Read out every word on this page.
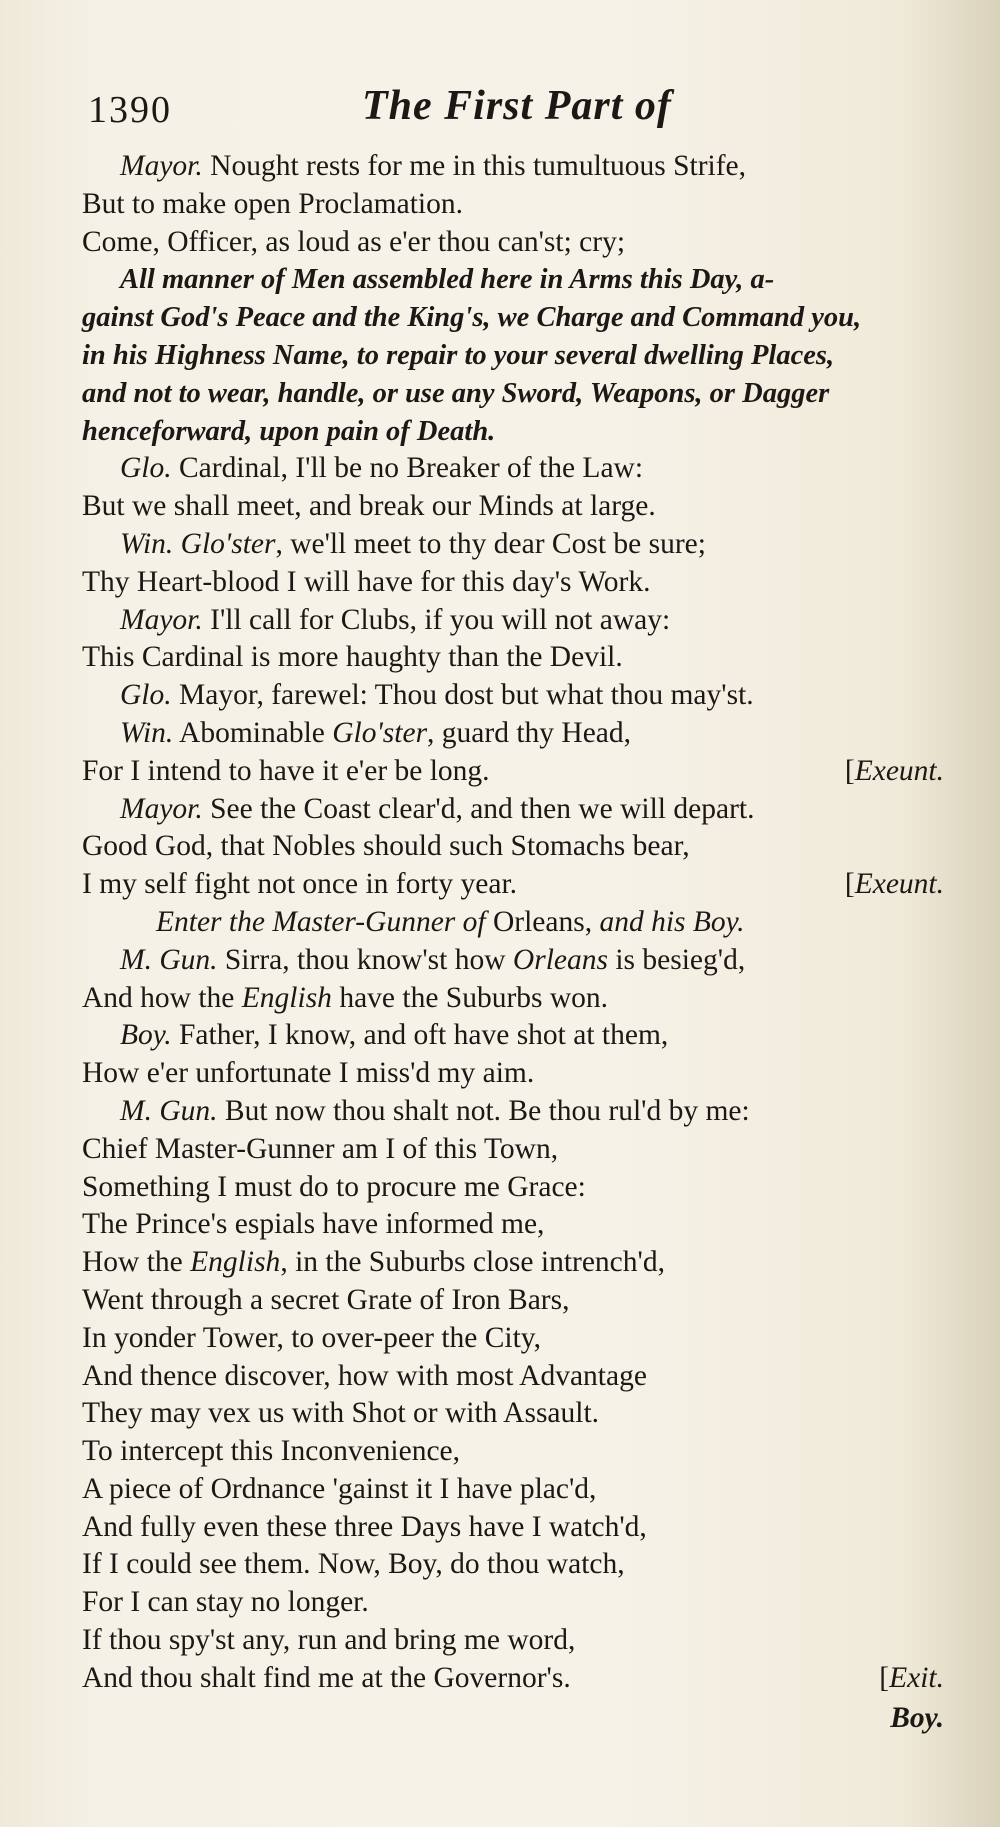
1390	The First Part of
Mayor. Nought rests for me in this tumultuous Strife,
But to make open Proclamation.
Come, Officer, as loud as e'er thou can'st; cry;
All manner of Men assembled here in Arms this Day, a-
gainst God's Peace and the King's, we Charge and Command you,
in his Highness Name, to repair to your several dwelling Places,
and not to wear, handle, or use any Sword, Weapons, or Dagger
henceforward, upon pain of Death.
Glo. Cardinal, I'll be no Breaker of the Law:
But we shall meet, and break our Minds at large.
Win. Glo'ster, we'll meet to thy dear Cost be sure;
Thy Heart-blood I will have for this day's Work.
Mayor. I'll call for Clubs, if you will not away:
This Cardinal is more haughty than the Devil.
Glo. Mayor, farewel: Thou dost but what thou may'st.
Win. Abominable Glo'ster, guard thy Head,
For I intend to have it e'er be long.	[Exeunt.
Mayor. See the Coast clear'd, and then we will depart.
Good God, that Nobles should such Stomachs bear,
I my self fight not once in forty year.	[Exeunt.
Enter the Master-Gunner of Orleans, and his Boy.
M. Gun. Sirra, thou know'st how Orleans is besieg'd,
And how the English have the Suburbs won.
Boy. Father, I know, and oft have shot at them,
How e'er unfortunate I miss'd my aim.
M. Gun. But now thou shalt not. Be thou rul'd by me:
Chief Master-Gunner am I of this Town,
Something I must do to procure me Grace:
The Prince's espials have informed me,
How the English, in the Suburbs close intrench'd,
Went through a secret Grate of Iron Bars,
In yonder Tower, to over-peer the City,
And thence discover, how with most Advantage
They may vex us with Shot or with Assault.
To intercept this Inconvenience,
A piece of Ordnance 'gainst it I have plac'd,
And fully even these three Days have I watch'd,
If I could see them. Now, Boy, do thou watch,
For I can stay no longer.
If thou spy'st any, run and bring me word,
And thou shalt find me at the Governor's.	[Exit.
Boy.
